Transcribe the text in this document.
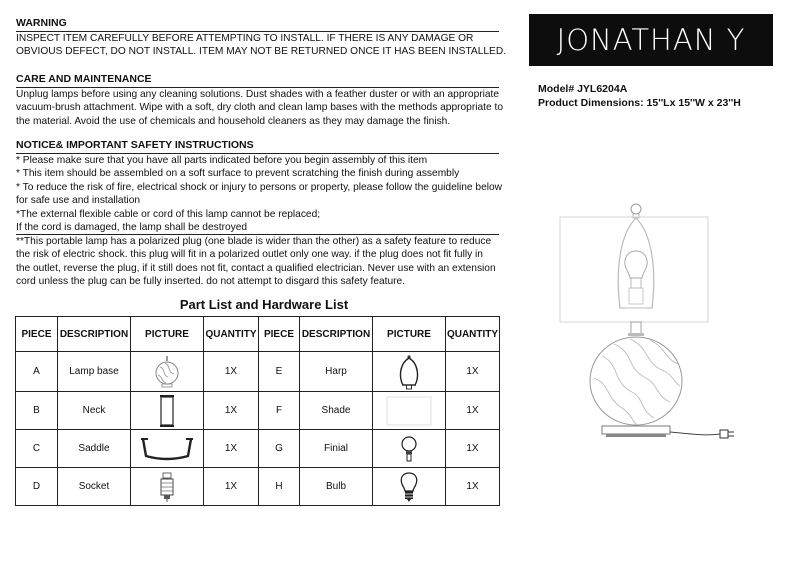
WARNING
INSPECT ITEM CAREFULLY BEFORE ATTEMPTING TO INSTALL. IF THERE IS ANY DAMAGE OR
OBVIOUS DEFECT, DO NOT INSTALL. ITEM MAY NOT BE RETURNED ONCE IT HAS BEEN INSTALLED.
CARE AND MAINTENANCE
Unplug lamps before using any cleaning solutions. Dust shades with a feather duster or with an appropriate
vacuum-brush attachment. Wipe with a soft, dry cloth and clean lamp bases with the methods appropriate to
the material. Avoid the use of chemicals and household cleaners as they may damage the finish.
NOTICE& IMPORTANT SAFETY INSTRUCTIONS
* Please make sure that you have all parts indicated before you begin assembly of this item
* This item should be assembled on a soft surface to prevent scratching the finish during assembly
* To reduce the risk of fire, electrical shock or injury to persons or property, please follow the guideline below
for safe use and installation
*The external flexible cable or cord of this lamp cannot be replaced;
If the cord is damaged, the lamp shall be destroyed
**This portable lamp has a polarized plug (one blade is wider than the other) as a safety feature to reduce
the risk of electric shock. this plug will fit in a polarized outlet only one way. if the plug does not fit fully in
the outlet, reverse the plug, if it still does not fit, contact a qualified electrician. Never use with an extension
cord unless the plug can be fully inserted. do not attempt to disgard this safety feature.
JONATHAN Y
Model# JYL6204A
Product Dimensions: 15''Lx 15''W x 23''H
Part List and Hardware List
PIECE	DESCRIPTION	PICTURE	QUANTITY	PIECE	DESCRIPTION	PICTURE	QUANTITY
A	Lamp base		1X	E	Harp		1X
B	Neck		1X	F	Shade		1X
C	Saddle		1X	G	Finial		1X
D	Socket		1X	H	Bulb		1X
